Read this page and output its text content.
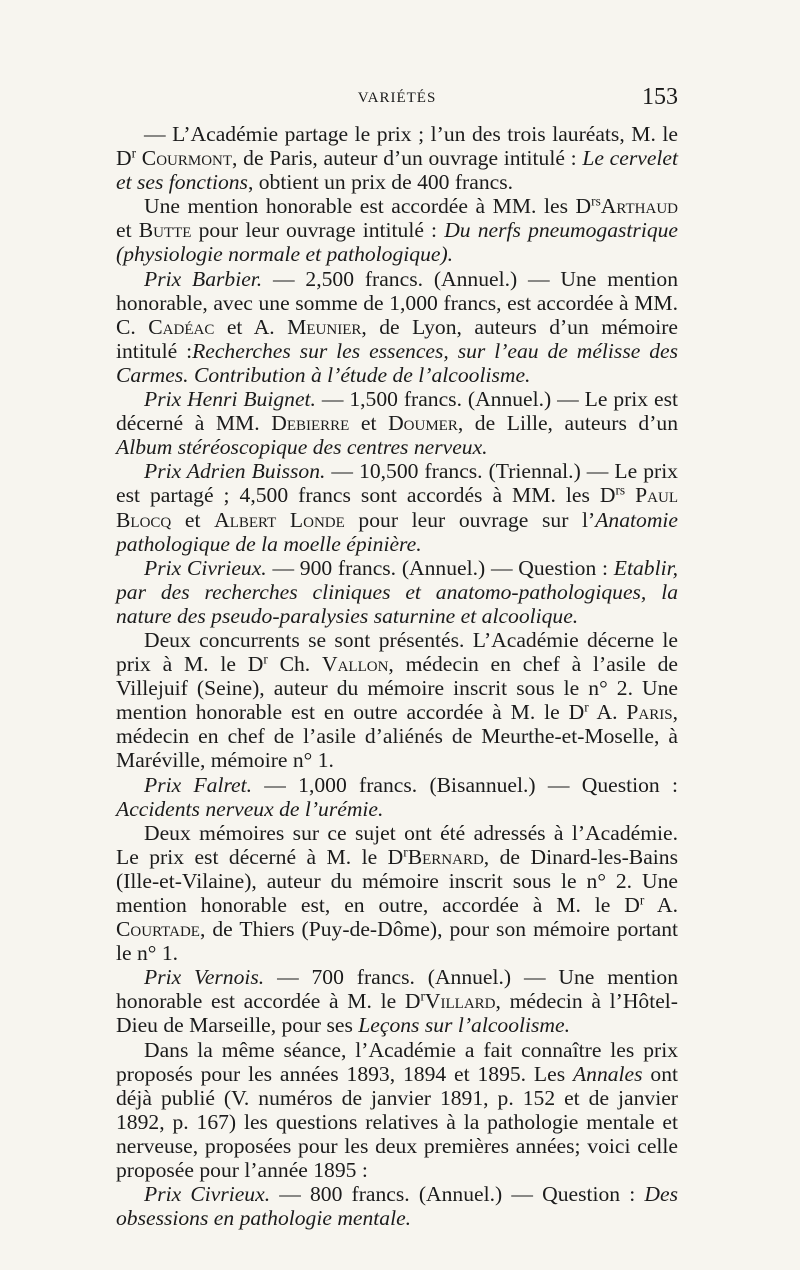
VARIÉTÉS	153

— L’Académie partage le prix ; l’un des trois lauréats, M. le $D^r$ Courmont, de Paris, auteur d’un ouvrage intitulé : Le cervelet et ses fonctions, obtient un prix de 400 francs.

Une mention honorable est accordée à MM. les $D^{rs}Arthaud$ et Butte pour leur ouvrage intitulé : Du nerfs pneumogastrique (physiologie normale et pathologique).

Prix Barbier. — 2,500 francs. (Annuel.) — Une mention honorable, avec une somme de 1,000 francs, est accordée à MM. C. Cadéac et A. Meunier, de Lyon, auteurs d’un mémoire intitulé :Recherches sur les essences, sur l’eau de mélisse des Carmes. Contribution à l’étude de l’alcoolisme.

Prix Henri Buignet. — 1,500 francs. (Annuel.) — Le prix est décerné à MM. Debierre et Doumer, de Lille, auteurs d’un Album stéréoscopique des centres nerveux.

Prix Adrien Buisson. — 10,500 francs. (Triennal.) — Le prix est partagé ; 4,500 francs sont accordés à MM. les $D^{rs}$ Paul Blocq et Albert Londe pour leur ouvrage sur l’Anatomie pathologique de la moelle épinière.

Prix Civrieux. — 900 francs. (Annuel.) — Question : Etablir, par des recherches cliniques et anatomo-pathologiques, la nature des pseudo-paralysies saturnine et alcoolique.

Deux concurrents se sont présentés. L’Académie décerne le prix à M. le $D^r$ Ch. Vallon, médecin en chef à l’asile de Villejuif (Seine), auteur du mémoire inscrit sous le n° 2. Une mention honorable est en outre accordée à M. le $D^r$ A. Paris, médecin en chef de l’asile d’aliénés de Meurthe-et-Moselle, à Maréville, mémoire n° 1.

Prix Falret. — 1,000 francs. (Bisannuel.) — Question : Accidents nerveux de l’urémie.

Deux mémoires sur ce sujet ont été adressés à l’Académie. Le prix est décerné à M. le $D^rBernard$, de Dinard-les-Bains (Ille-et-Vilaine), auteur du mémoire inscrit sous le n° 2. Une mention honorable est, en outre, accordée à M. le $D^r$ A. Courtade, de Thiers (Puy-de-Dôme), pour son mémoire portant le n° 1.

Prix Vernois. — 700 francs. (Annuel.) — Une mention honorable est accordée à M. le $D^rVillard$, médecin à l’Hôtel-Dieu de Marseille, pour ses Leçons sur l’alcoolisme.

Dans la même séance, l’Académie a fait connaître les prix proposés pour les années 1893, 1894 et 1895. Les Annales ont déjà publié (V. numéros de janvier 1891, p. 152 et de janvier 1892, p. 167) les questions relatives à la pathologie mentale et nerveuse, proposées pour les deux premières années; voici celle proposée pour l’année 1895 :

Prix Civrieux. — 800 francs. (Annuel.) — Question : Des obsessions en pathologie mentale.
